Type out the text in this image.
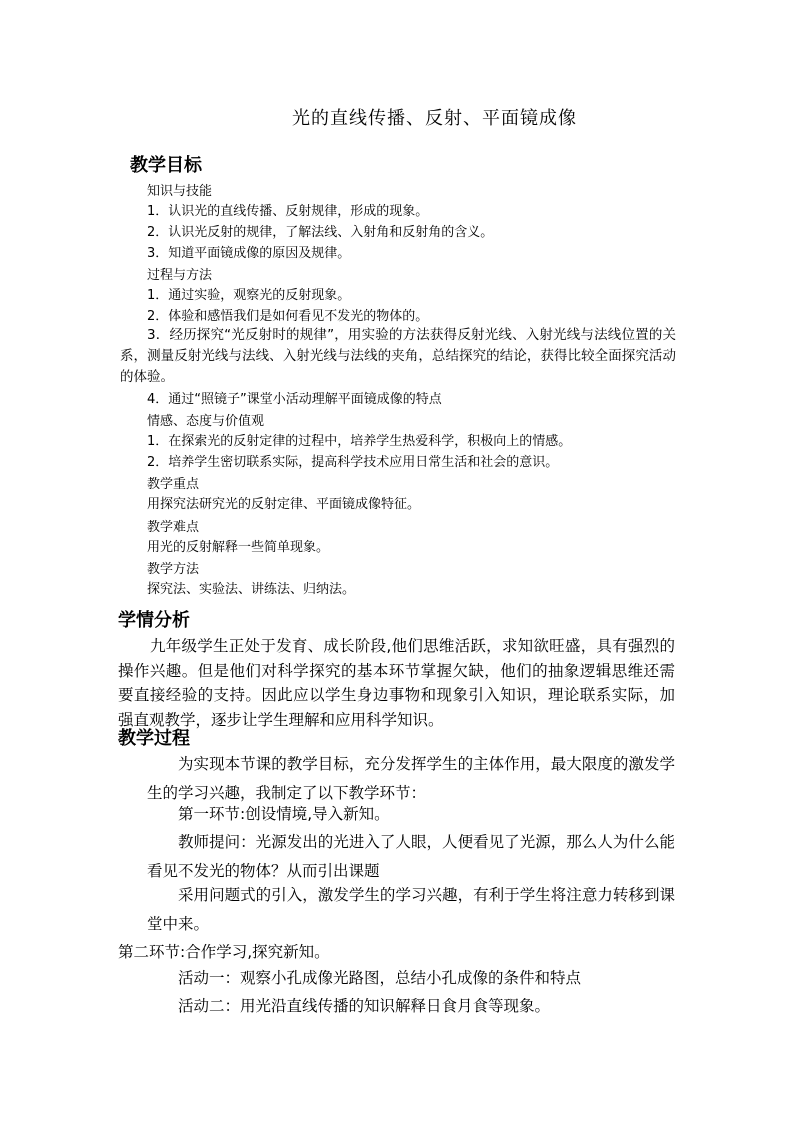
光的直线传播、反射、平面镜成像
教学目标
知识与技能
1．认识光的直线传播、反射规律，形成的现象。
2．认识光反射的规律，了解法线、入射角和反射角的含义。
3．知道平面镜成像的原因及规律。
过程与方法
1．通过实验，观察光的反射现象。
2．体验和感悟我们是如何看见不发光的物体的。
3．经历探究“光反射时的规律”，用实验的方法获得反射光线、入射光线与法线位置的关系，测量反射光线与法线、入射光线与法线的夹角，总结探究的结论，获得比较全面探究活动的体验。
4．通过“照镜子”课堂小活动理解平面镜成像的特点
情感、态度与价值观
1．在探索光的反射定律的过程中，培养学生热爱科学，积极向上的情感。
2．培养学生密切联系实际，提高科学技术应用日常生活和社会的意识。
教学重点
用探究法研究光的反射定律、平面镜成像特征。
教学难点
用光的反射解释一些简单现象。
教学方法
探究法、实验法、讲练法、归纳法。
学情分析
九年级学生正处于发育、成长阶段,他们思维活跃，求知欲旺盛，具有强烈的操作兴趣。但是他们对科学探究的基本环节掌握欠缺，他们的抽象逻辑思维还需要直接经验的支持。因此应以学生身边事物和现象引入知识，理论联系实际，加强直观教学，逐步让学生理解和应用科学知识。
教学过程
为实现本节课的教学目标，充分发挥学生的主体作用，最大限度的激发学生的学习兴趣，我制定了以下教学环节：
第一环节:创设情境,导入新知。
教师提问：光源发出的光进入了人眼，人便看见了光源，那么人为什么能看见不发光的物体？从而引出课题
采用问题式的引入，激发学生的学习兴趣，有利于学生将注意力转移到课堂中来。
第二环节:合作学习,探究新知。
活动一：观察小孔成像光路图，总结小孔成像的条件和特点
活动二：用光沿直线传播的知识解释日食月食等现象。
